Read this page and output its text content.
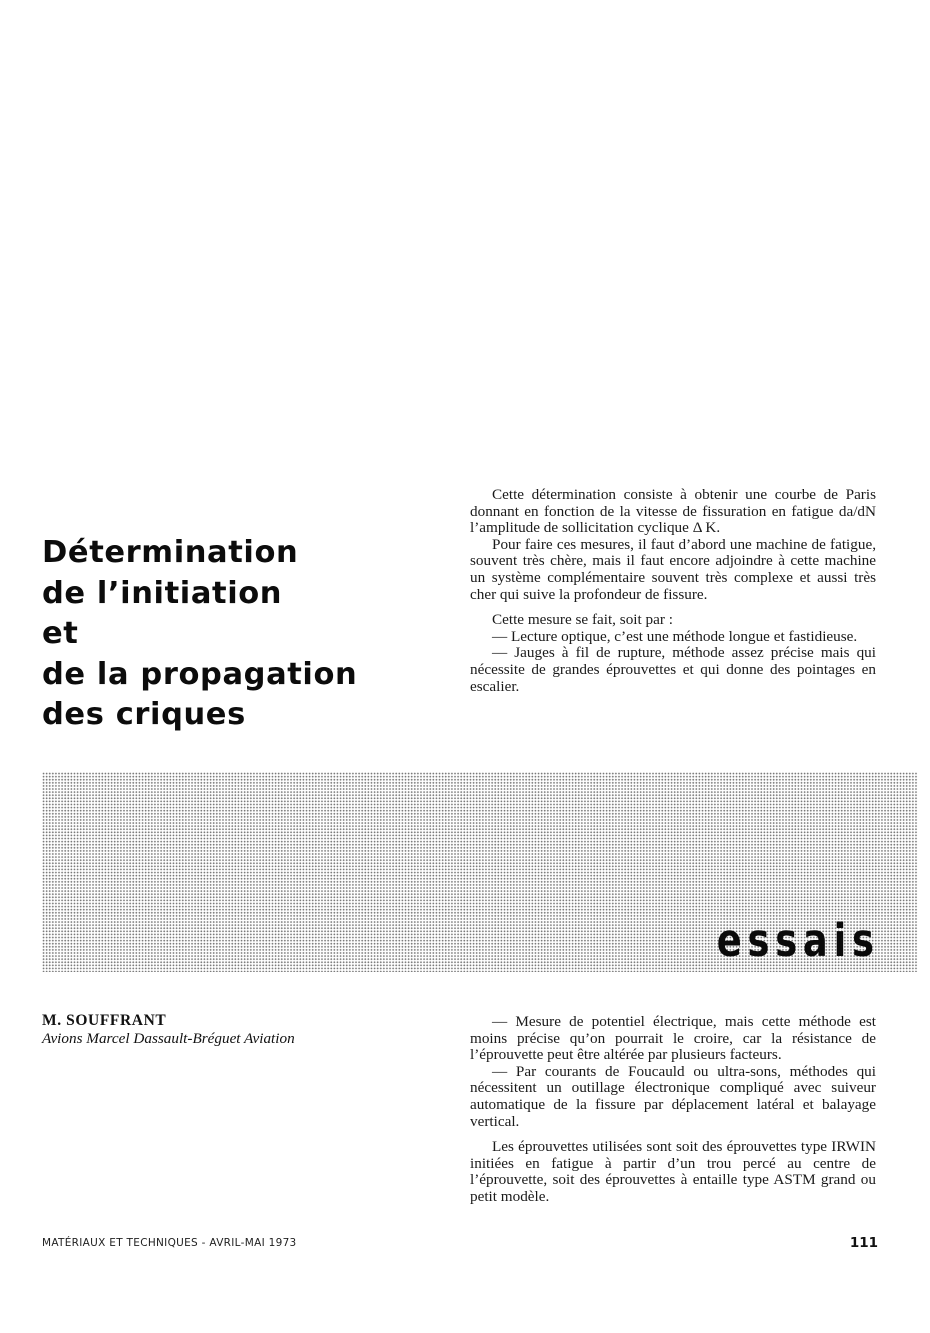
Détermination
de l’initiation
et
de la propagation
des criques

Cette détermination consiste à obtenir une courbe de Paris donnant en fonction de la vitesse de fissuration en fatigue da/dN l’amplitude de sollicitation cyclique Δ K.

Pour faire ces mesures, il faut d’abord une machine de fatigue, souvent très chère, mais il faut encore adjoindre à cette machine un système complémentaire souvent très complexe et aussi très cher qui suive la profondeur de fissure.

Cette mesure se fait, soit par :

— Lecture optique, c’est une méthode longue et fastidieuse.

— Jauges à fil de rupture, méthode assez précise mais qui nécessite de grandes éprouvettes et qui donne des pointages en escalier.

essais
M. SOUFFRANT
Avions Marcel Dassault-Bréguet Aviation

— Mesure de potentiel électrique, mais cette méthode est moins précise qu’on pourrait le croire, car la résistance de l’éprouvette peut être altérée par plusieurs facteurs.

— Par courants de Foucauld ou ultra-sons, méthodes qui nécessitent un outillage électronique compliqué avec suiveur automatique de la fissure par déplacement latéral et balayage vertical.

Les éprouvettes utilisées sont soit des éprouvettes type IRWIN initiées en fatigue à partir d’un trou percé au centre de l’éprouvette, soit des éprouvettes à entaille type ASTM grand ou petit modèle.

MATÉRIAUX ET TECHNIQUES - AVRIL-MAI 1973	111
